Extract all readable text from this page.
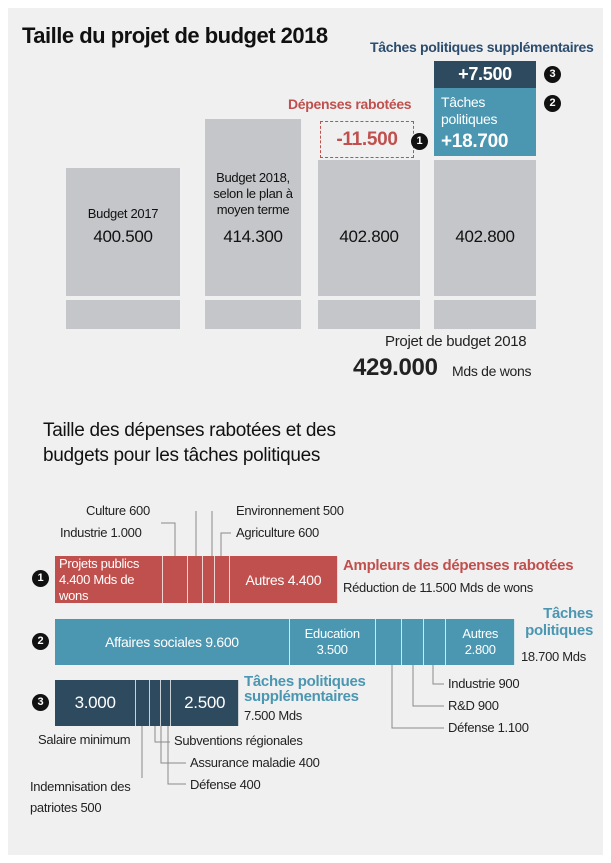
Taille du projet de budget 2018
Budget 2017
400.500
Budget 2018, selon le plan à moyen terme
414.300	402.800	402.800
Dépenses rabotées
-11.500	1
Tâches politiques
+18.700
2
Tâches politiques supplémentaires
+7.500	3
Projet de budget 2018
429.000 Mds de wons
Taille des dépenses rabotées et des budgets pour les tâches politiques
1
Projets publics
4.400 Mds de wons
Autres 4.400
Ampleurs des dépenses rabotées
Réduction de 11.500 Mds de wons
Culture 600
Industrie 1.000
Environnement 500
Agriculture 600
2	Affaires sociales 9.600
Education
3.500
Autres
2.800
Tâches politiques
18.700 Mds
Industrie 900
R&D 900
Défense 1.100
3	3.000	2.500
Tâches politiques supplémentaires
7.500 Mds
Salaire minimum	Subventions régionales
Assurance maladie 400
Défense 400
Indemnisation des patriotes 500
